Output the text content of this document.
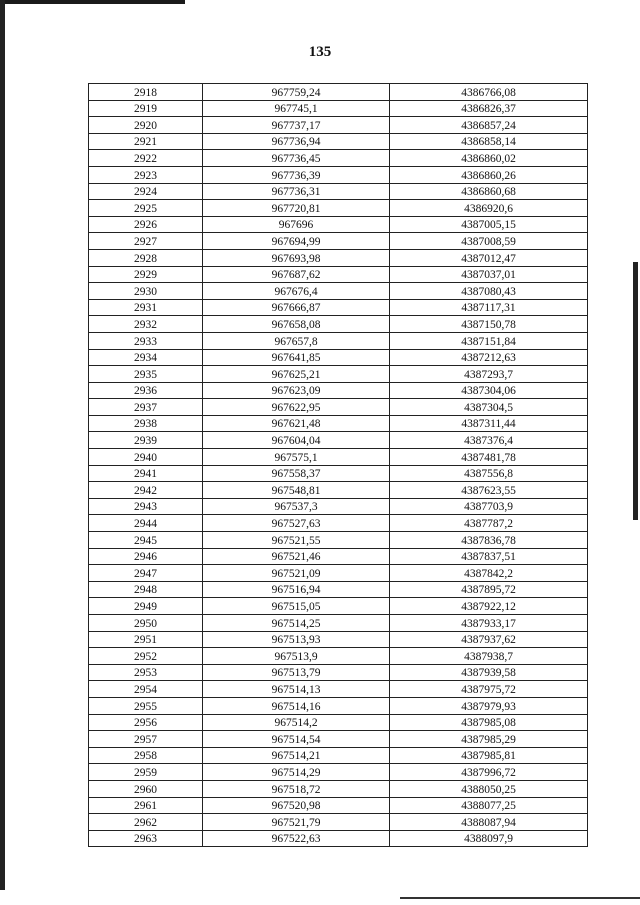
135
2918	967759,24	4386766,08
2919	967745,1	4386826,37
2920	967737,17	4386857,24
2921	967736,94	4386858,14
2922	967736,45	4386860,02
2923	967736,39	4386860,26
2924	967736,31	4386860,68
2925	967720,81	4386920,6
2926	967696	4387005,15
2927	967694,99	4387008,59
2928	967693,98	4387012,47
2929	967687,62	4387037,01
2930	967676,4	4387080,43
2931	967666,87	4387117,31
2932	967658,08	4387150,78
2933	967657,8	4387151,84
2934	967641,85	4387212,63
2935	967625,21	4387293,7
2936	967623,09	4387304,06
2937	967622,95	4387304,5
2938	967621,48	4387311,44
2939	967604,04	4387376,4
2940	967575,1	4387481,78
2941	967558,37	4387556,8
2942	967548,81	4387623,55
2943	967537,3	4387703,9
2944	967527,63	4387787,2
2945	967521,55	4387836,78
2946	967521,46	4387837,51
2947	967521,09	4387842,2
2948	967516,94	4387895,72
2949	967515,05	4387922,12
2950	967514,25	4387933,17
2951	967513,93	4387937,62
2952	967513,9	4387938,7
2953	967513,79	4387939,58
2954	967514,13	4387975,72
2955	967514,16	4387979,93
2956	967514,2	4387985,08
2957	967514,54	4387985,29
2958	967514,21	4387985,81
2959	967514,29	4387996,72
2960	967518,72	4388050,25
2961	967520,98	4388077,25
2962	967521,79	4388087,94
2963	967522,63	4388097,9
